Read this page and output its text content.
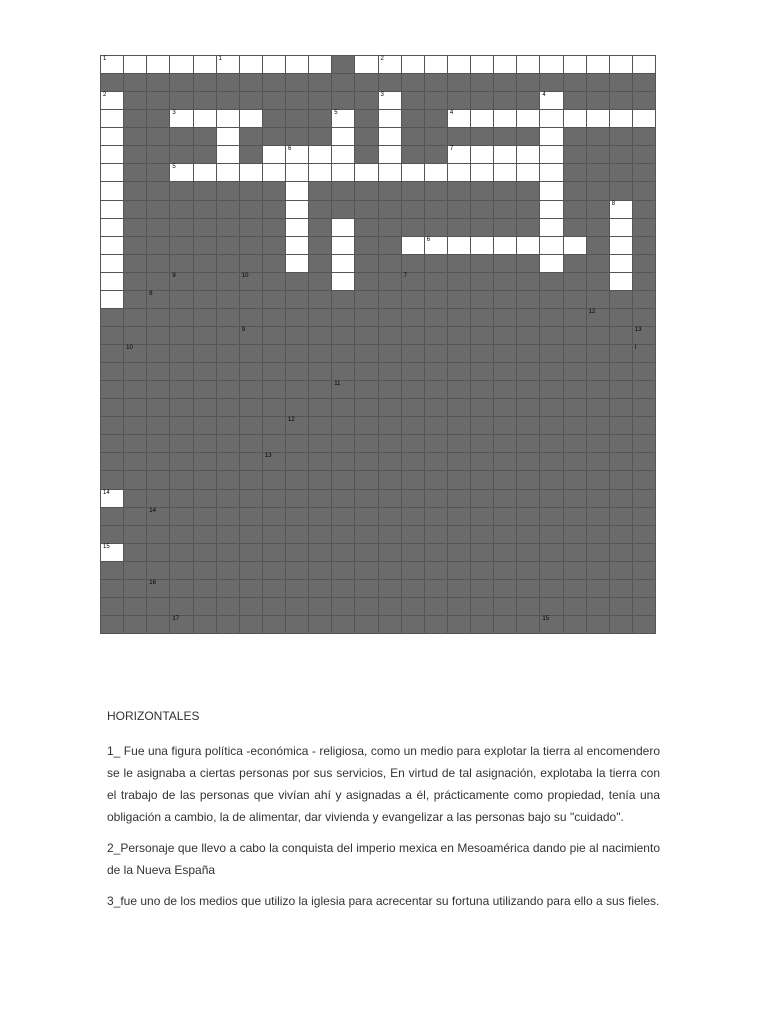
1	1	2
2	3	4
3	5	4
6	7
5
8
6
9	10	7
8
12
9	13
10	I
11
12
13
14
14
15
16
17	15
HORIZONTALES

1_ Fue una figura política -económica - religiosa, como un medio para explotar la tierra al encomendero se le asignaba a ciertas personas por sus servicios, En virtud de tal asignación, explotaba la tierra con el trabajo de las personas que vivían ahí y asignadas a él, prácticamente como propiedad, tenía una obligación a cambio, la de alimentar, dar vivienda y evangelizar a las personas bajo su "cuidado".

2_Personaje que llevo a cabo la conquista del imperio mexica en Mesoamérica dando pie al nacimiento de la Nueva España

3_fue uno de los medios que utilizo la iglesia para acrecentar su fortuna utilizando para ello a sus fieles.
